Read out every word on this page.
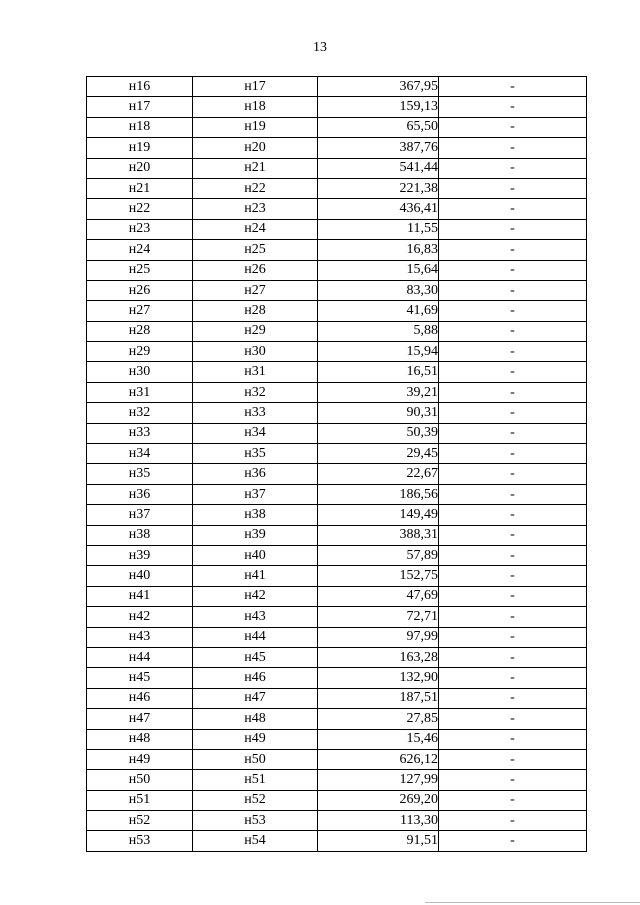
13
н16	н17	367,95	-
н17	н18	159,13	-
н18	н19	65,50	-
н19	н20	387,76	-
н20	н21	541,44	-
н21	н22	221,38	-
н22	н23	436,41	-
н23	н24	11,55	-
н24	н25	16,83	-
н25	н26	15,64	-
н26	н27	83,30	-
н27	н28	41,69	-
н28	н29	5,88	-
н29	н30	15,94	-
н30	н31	16,51	-
н31	н32	39,21	-
н32	н33	90,31	-
н33	н34	50,39	-
н34	н35	29,45	-
н35	н36	22,67	-
н36	н37	186,56	-
н37	н38	149,49	-
н38	н39	388,31	-
н39	н40	57,89	-
н40	н41	152,75	-
н41	н42	47,69	-
н42	н43	72,71	-
н43	н44	97,99	-
н44	н45	163,28	-
н45	н46	132,90	-
н46	н47	187,51	-
н47	н48	27,85	-
н48	н49	15,46	-
н49	н50	626,12	-
н50	н51	127,99	-
н51	н52	269,20	-
н52	н53	113,30	-
н53	н54	91,51	-
